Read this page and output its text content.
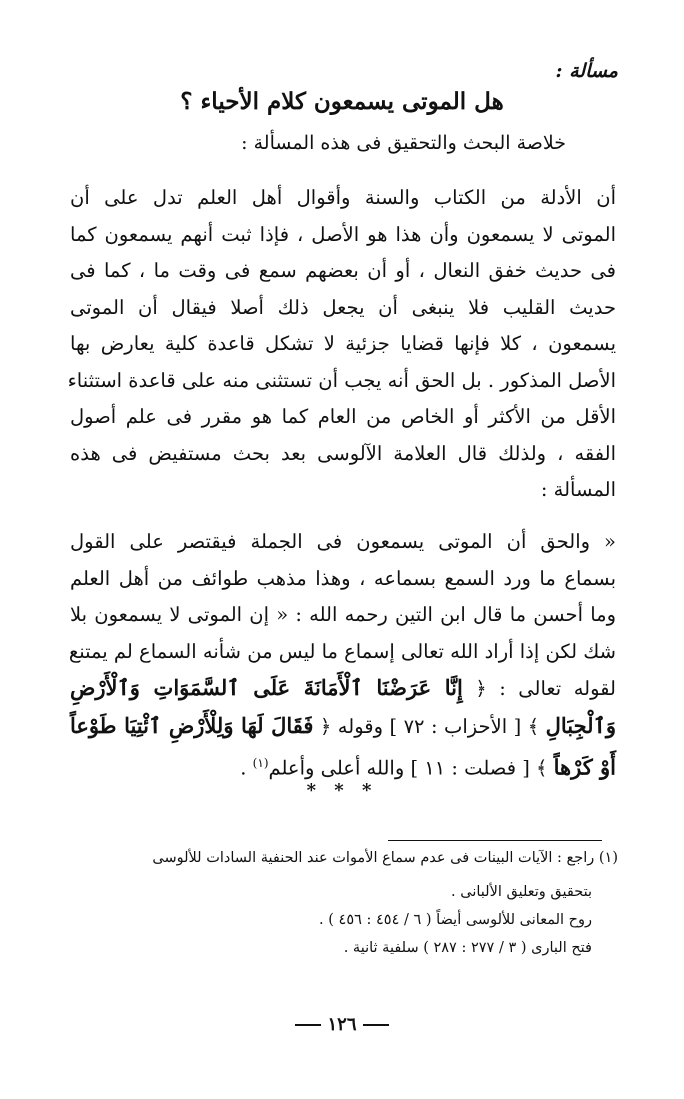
مسألة :
هل الموتى يسمعون كلام الأحياء ؟
خلاصة البحث والتحقيق فى هذه المسألة :
أن الأدلة من الكتاب والسنة وأقوال أهل العلم تدل على أن
الموتى لا يسمعون وأن هذا هو الأصل ، فإذا ثبت أنهم يسمعون كما
فى حديث خفق النعال ، أو أن بعضهم سمع فى وقت ما ، كما فى
حديث القليب فلا ينبغى أن يجعل ذلك أصلا فيقال أن الموتى
يسمعون ، كلا فإنها قضايا جزئية لا تشكل قاعدة كلية يعارض بها
الأصل المذكور . بل الحق أنه يجب أن تستثنى منه على قاعدة استثناء
الأقل من الأكثر أو الخاص من العام كما هو مقرر فى علم أصول
الفقه ، ولذلك قال العلامة الآلوسى بعد بحث مستفيض فى هذه
المسألة :
« والحق أن الموتى يسمعون فى الجملة فيقتصر على القول
بسماع ما ورد السمع بسماعه ، وهذا مذهب طوائف من أهل العلم
وما أحسن ما قال ابن التين رحمه الله : « إن الموتى لا يسمعون بلا
شك لكن إذا أراد الله تعالى إسماع ما ليس من شأنه السماع لم يمتنع
لقوله تعالى : ﴿ إِنَّا عَرَضْنَا ٱلْأَمَانَةَ عَلَى ٱلسَّمَوَاتِ وَٱلْأَرْضِ
وَٱلْجِبَالِ ﴾ [ الأحزاب : ٧٢ ] وقوله ﴿ فَقَالَ لَهَا وَلِلْأَرْضِ ٱئْتِيَا طَوْعاً
أَوْ كَرْهاً ﴾ [ فصلت : ١١ ] والله أعلى وأعلم$^{(١)}$ .
* * *
(١) راجع : الآيات البينات فى عدم سماع الأموات عند الحنفية السادات للألوسى
بتحقيق وتعليق الألبانى .
روح المعانى للألوسى أيضاً ( ٦ / ٤٥٤ : ٤٥٦ ) .
فتح البارى ( ٣ / ٢٧٧ : ٢٨٧ ) سلفية ثانية .
١٢٦
